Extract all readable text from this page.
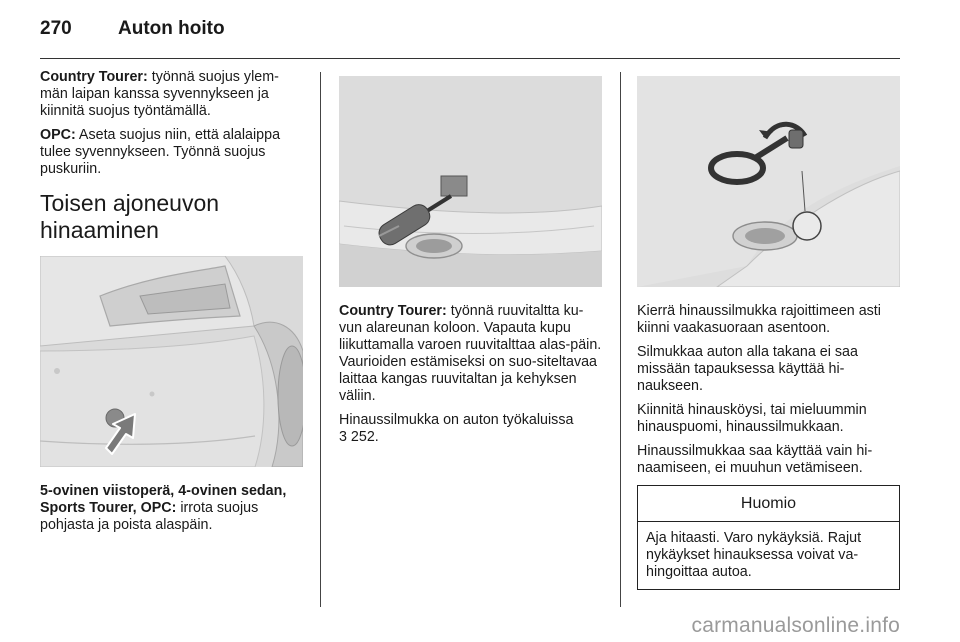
270	Auton hoito

Country Tourer: työnnä suojus ylem-män laipan kanssa syvennykseen ja kiinnitä suojus työntämällä.

OPC: Aseta suojus niin, että alalaippa tulee syvennykseen. Työnnä suojus puskuriin.

Toisen ajoneuvon hinaaminen

5-ovinen viistoperä, 4-ovinen sedan, Sports Tourer, OPC: irrota suojus pohjasta ja poista alaspäin.

Country Tourer: työnnä ruuvitaltta ku-vun alareunan koloon. Vapauta kupu liikuttamalla varoen ruuvitalttaa alas-päin. Vaurioiden estämiseksi on suo-siteltavaa laittaa kangas ruuvitaltan ja kehyksen väliin.

Hinaussilmukka on auton työkaluissa
3 252.

Kierrä hinaussilmukka rajoittimeen asti kiinni vaakasuoraan asentoon.

Silmukkaa auton alla takana ei saa missään tapauksessa käyttää hi-naukseen.

Kiinnitä hinausköysi, tai mieluummin hinauspuomi, hinaussilmukkaan.

Hinaussilmukkaa saa käyttää vain hi-naamiseen, ei muuhun vetämiseen.

Huomio
Aja hitaasti. Varo nykäyksiä. Rajut nykäykset hinauksessa voivat va-hingoittaa autoa.
carmanualsonline.info
